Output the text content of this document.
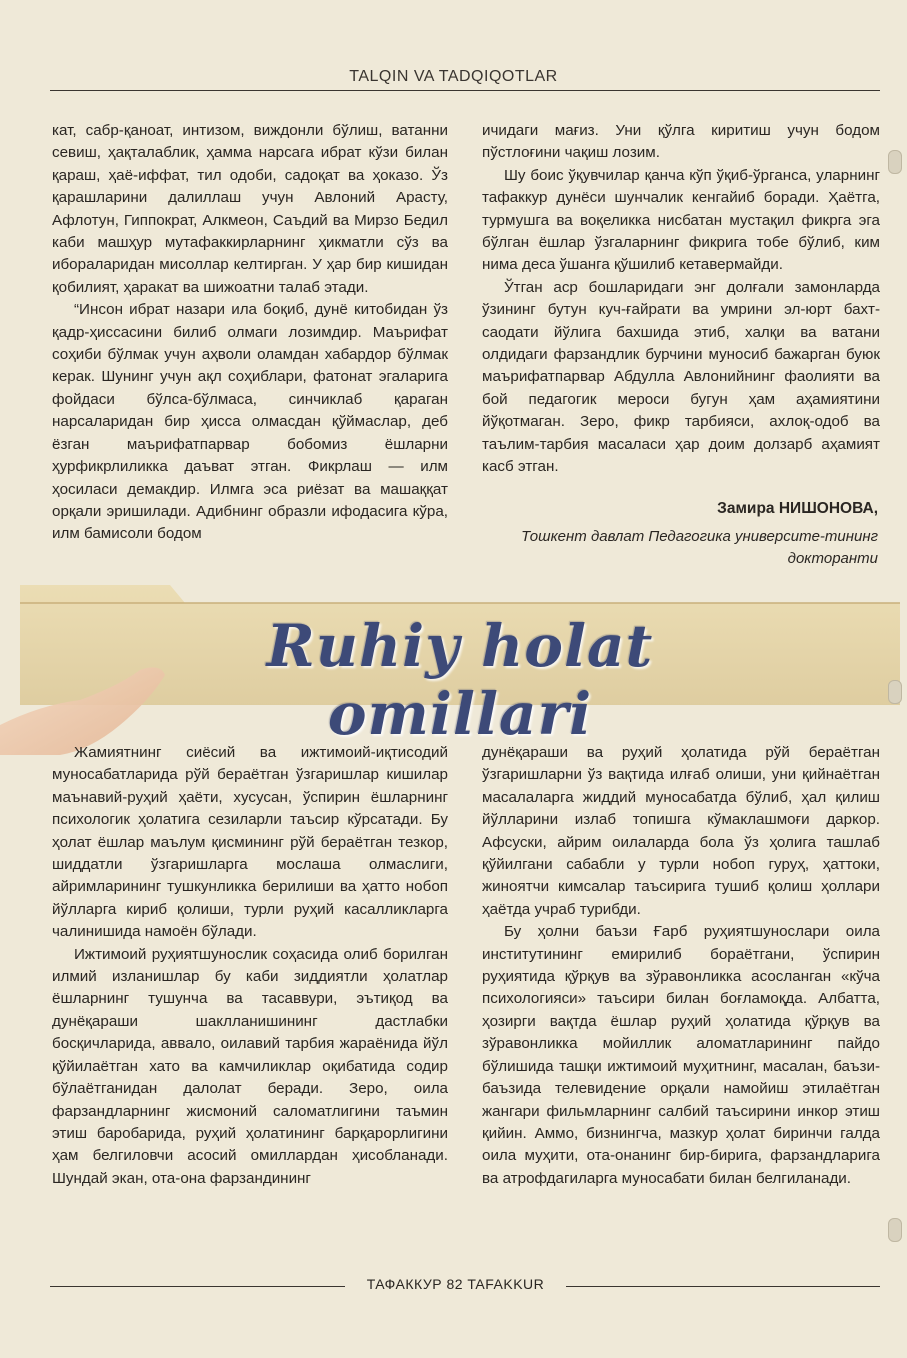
TALQIN VA TADQIQOTLAR

кат, сабр-қаноат, интизом, виждонли бўлиш, ватанни севиш, ҳақталаблик, ҳамма нарсага ибрат кўзи билан қараш, ҳаё-иффат, тил одоби, садоқат ва ҳоказо. Ўз қарашларини далиллаш учун Авлоний Арасту, Афлотун, Гиппократ, Алкмеон, Саъдий ва Мирзо Бедил каби машҳур мутафаккирларнинг ҳикматли сўз ва ибораларидан мисоллар келтирган. У ҳар бир кишидан қобилият, ҳаракат ва шижоатни талаб этади.

“Инсон ибрат назари ила боқиб, дунё китобидан ўз қадр-ҳиссасини билиб олмаги лозимдир. Маърифат соҳиби бўлмак учун аҳволи оламдан хабардор бўлмак керак. Шунинг учун ақл соҳиблари, фатонат эгаларига фойдаси бўлса-бўлмаса, синчиклаб қараган нарсаларидан бир ҳисса олмасдан қўймаслар, деб ёзган маърифатпарвар бобомиз ёшларни ҳурфикрлиликка даъват этган. Фикрлаш — илм ҳосиласи демакдир. Илмга эса риёзат ва машаққат орқали эришилади. Адибнинг образли ифодасига кўра, илм бамисоли бодом

ичидаги мағиз. Уни қўлга киритиш учун бодом пўстлоғини чақиш лозим.

Шу боис ўқувчилар қанча кўп ўқиб-ўрганса, уларнинг тафаккур дунёси шунчалик кенгайиб боради. Ҳаётга, турмушга ва воқеликка нисбатан мустақил фикрга эга бўлган ёшлар ўзгаларнинг фикрига тобе бўлиб, ким нима деса ўшанга қўшилиб кетавермайди.

Ўтган аср бошларидаги энг долғали замонларда ўзининг бутун куч-ғайрати ва умрини эл-юрт бахт-саодати йўлига бахшида этиб, халқи ва ватани олдидаги фарзандлик бурчини муносиб бажарган буюк маърифатпарвар Абдулла Авлонийнинг фаолияти ва бой педагогик мероси бугун ҳам аҳамиятини йўқотмаган. Зеро, фикр тарбияси, ахлоқ-одоб ва таълим-тарбия масаласи ҳар доим долзарб аҳамият касб этган.

Замира НИШОНОВА,
Тошкент давлат Педагогика университе-тининг докторанти
Ruhiy holat omillari

Жамиятнинг сиёсий ва ижтимоий-иқтисодий муносабатларида рўй бераётган ўзгаришлар кишилар маънавий-руҳий ҳаёти, хусусан, ўспирин ёшларнинг психологик ҳолатига сезиларли таъсир кўрсатади. Бу ҳолат ёшлар маълум қисмининг рўй бераётган тезкор, шиддатли ўзгаришларга мослаша олмаслиги, айримларининг тушкунликка берилиши ва ҳатто нобоп йўлларга кириб қолиши, турли руҳий касалликларга чалинишида намоён бўлади.

Ижтимоий руҳиятшунослик соҳасида олиб борилган илмий изланишлар бу каби зиддиятли ҳолатлар ёшларнинг тушунча ва тасаввури, эътиқод ва дунёқараши шаклланишининг дастлабки босқичларида, аввало, оилавий тарбия жараёнида йўл қўйилаётган хато ва камчиликлар оқибатида содир бўлаётганидан далолат беради. Зеро, оила фарзандларнинг жисмоний саломатлигини таъмин этиш баробарида, руҳий ҳолатининг барқарорлигини ҳам белгиловчи асосий омиллардан ҳисобланади. Шундай экан, ота-она фарзандининг

дунёқараши ва руҳий ҳолатида рўй бераётган ўзгаришларни ўз вақтида илғаб олиши, уни қийнаётган масалаларга жиддий муносабатда бўлиб, ҳал қилиш йўлларини излаб топишга кўмаклашмоғи даркор. Афсуски, айрим оилаларда бола ўз ҳолига ташлаб қўйилгани сабабли у турли нобоп гуруҳ, ҳаттоки, жиноятчи кимсалар таъсирига тушиб қолиш ҳоллари ҳаётда учраб турибди.

Бу ҳолни баъзи Ғарб руҳиятшунослари оила институтининг емирилиб бораётгани, ўспирин руҳиятида қўрқув ва зўравонликка асосланган «кўча психологияси» таъсири билан боғламоқда. Албатта, ҳозирги вақтда ёшлар руҳий ҳолатида қўрқув ва зўравонликка мойиллик аломатларининг пайдо бўлишида ташқи ижтимоий муҳитнинг, масалан, баъзи-баъзида телевидение орқали намойиш этилаётган жангари фильмларнинг салбий таъсирини инкор этиш қийин. Аммо, бизнингча, мазкур ҳолат биринчи галда оила муҳити, ота-онанинг бир-бирига, фарзандларига ва атрофдагиларга муносабати билан белгиланади.

ТАФАККУР 82 TAFAKKUR
